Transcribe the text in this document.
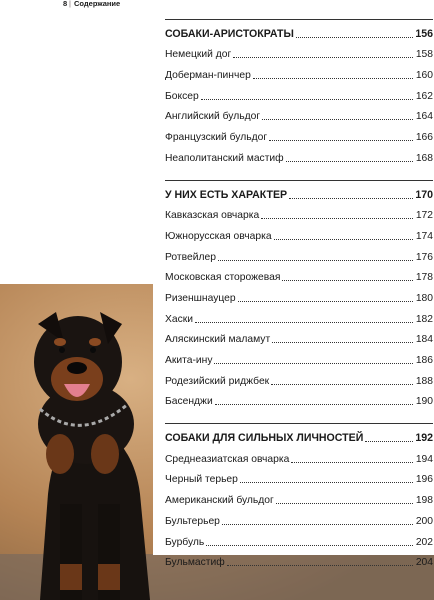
8 | Содержание
СОБАКИ-АРИСТОКРАТЫ	156
Немецкий дог	158
Доберман-пинчер	160
Боксер	162
Английский бульдог	164
Французский бульдог	166
Неаполитанский мастиф	168
У НИХ ЕСТЬ ХАРАКТЕР	170
Кавказская овчарка	172
Южнорусская овчарка	174
Ротвейлер	176
Московская сторожевая	178
Ризеншнауцер	180
Хаски	182
Аляскинский маламут	184
Акита-ину	186
Родезийский риджбек	188
Басенджи	190
СОБАКИ ДЛЯ СИЛЬНЫХ ЛИЧНОСТЕЙ	192
Среднеазиатская овчарка	194
Черный терьер	196
Американский бульдог	198
Бультерьер	200
Бурбуль	202
Бульмастиф	204
